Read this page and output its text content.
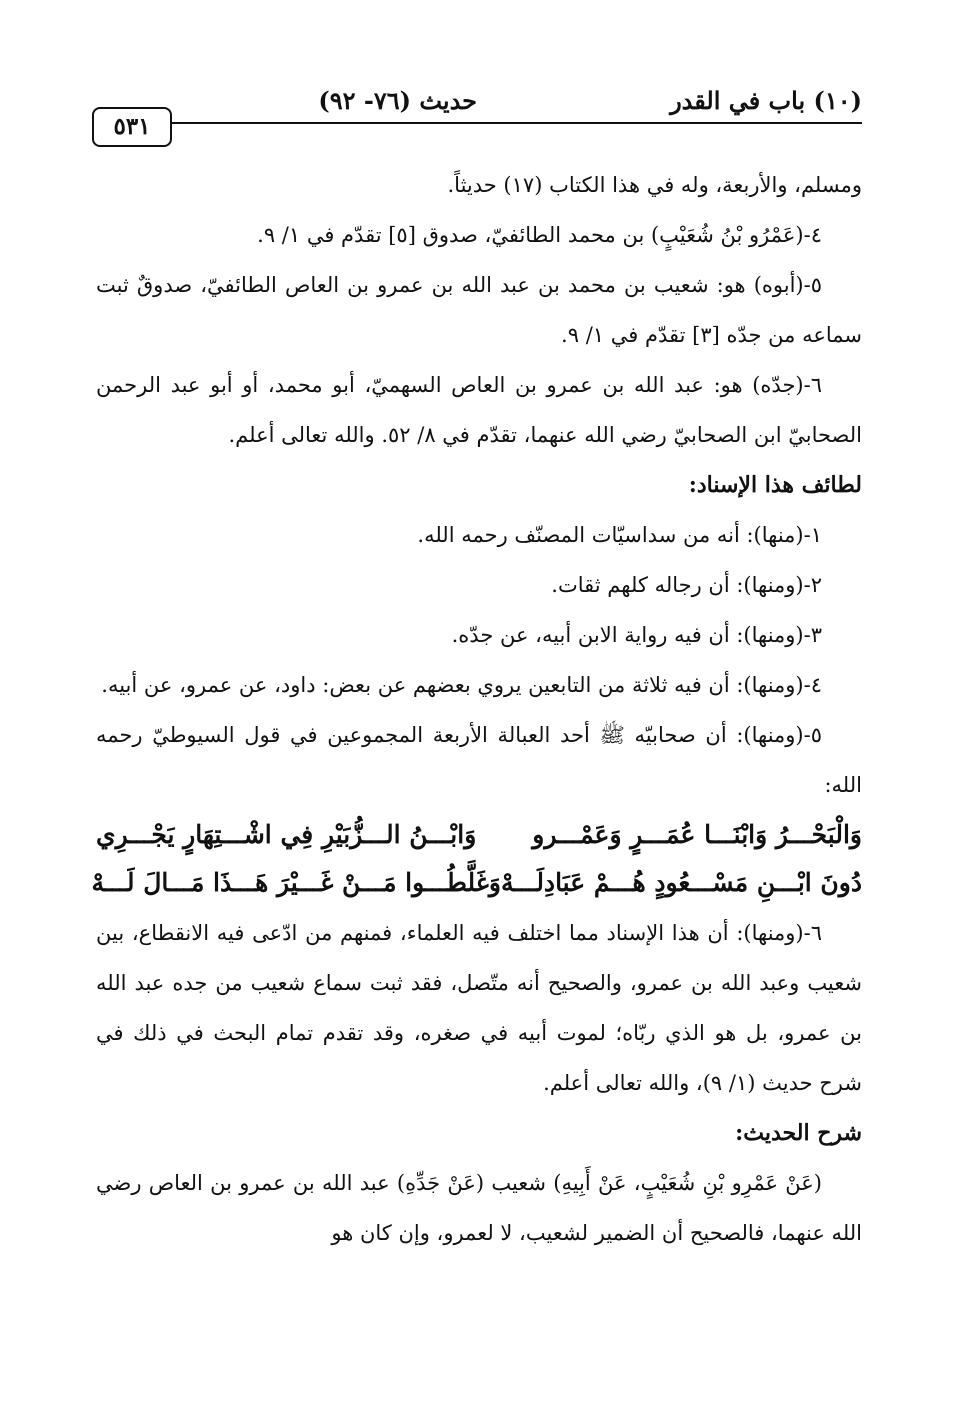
(١٠) باب في القدر
حديث (٧٦- ٩٢)
٥٣١

ومسلم، والأربعة، وله في هذا الكتاب (١٧) حديثاً.

٤-(عَمْرُو بْنُ شُعَيْبٍ) بن محمد الطائفيّ، صدوق [٥] تقدّم في ١/ ٩.

٥-(أبوه) هو: شعيب بن محمد بن عبد الله بن عمرو بن العاص الطائفيّ، صدوقٌ ثبت سماعه من جدّه [٣] تقدّم في ١/ ٩.

٦-(جدّه) هو: عبد الله بن عمرو بن العاص السهميّ، أبو محمد، أو أبو عبد الرحمن الصحابيّ ابن الصحابيّ رضي الله عنهما، تقدّم في ٨/ ٥٢. والله تعالى أعلم.

لطائف هذا الإسناد:

١-(منها): أنه من سداسيّات المصنّف رحمه الله.

٢-(ومنها): أن رجاله كلهم ثقات.

٣-(ومنها): أن فيه رواية الابن أبيه، عن جدّه.

٤-(ومنها): أن فيه ثلاثة من التابعين يروي بعضهم عن بعض: داود، عن عمرو، عن أبيه.

٥-(ومنها): أن صحابيّه ﷺ أحد العبالة الأربعة المجموعين في قول السيوطيّ رحمه الله:

وَالْبَحْـــرُ وَابْنَـــا عُمَـــرٍ وَعَمْـــرو
وَابْـــنُ الـــزُّبَيْرِ فِي اشْـــتِهَارٍ يَجْـــرِي
دُونَ ابْـــنِ مَسْـــعُودٍ هُـــمْ عَبَادِلَـــهْ
وَغَلَّطُـــوا مَـــنْ غَـــيْرَ هَـــذَا مَـــالَ لَـــهْ

٦-(ومنها): أن هذا الإسناد مما اختلف فيه العلماء، فمنهم من ادّعى فيه الانقطاع، بين شعيب وعبد الله بن عمرو، والصحيح أنه متّصل، فقد ثبت سماع شعيب من جده عبد الله بن عمرو، بل هو الذي ربّاه؛ لموت أبيه في صغره، وقد تقدم تمام البحث في ذلك في شرح حديث (١/ ٩)، والله تعالى أعلم.

شرح الحديث:

(عَنْ عَمْرِو بْنِ شُعَيْبٍ، عَنْ أَبِيهِ) شعيب (عَنْ جَدِّهِ) عبد الله بن عمرو بن العاص رضي الله عنهما، فالصحيح أن الضمير لشعيب، لا لعمرو، وإن كان هو
